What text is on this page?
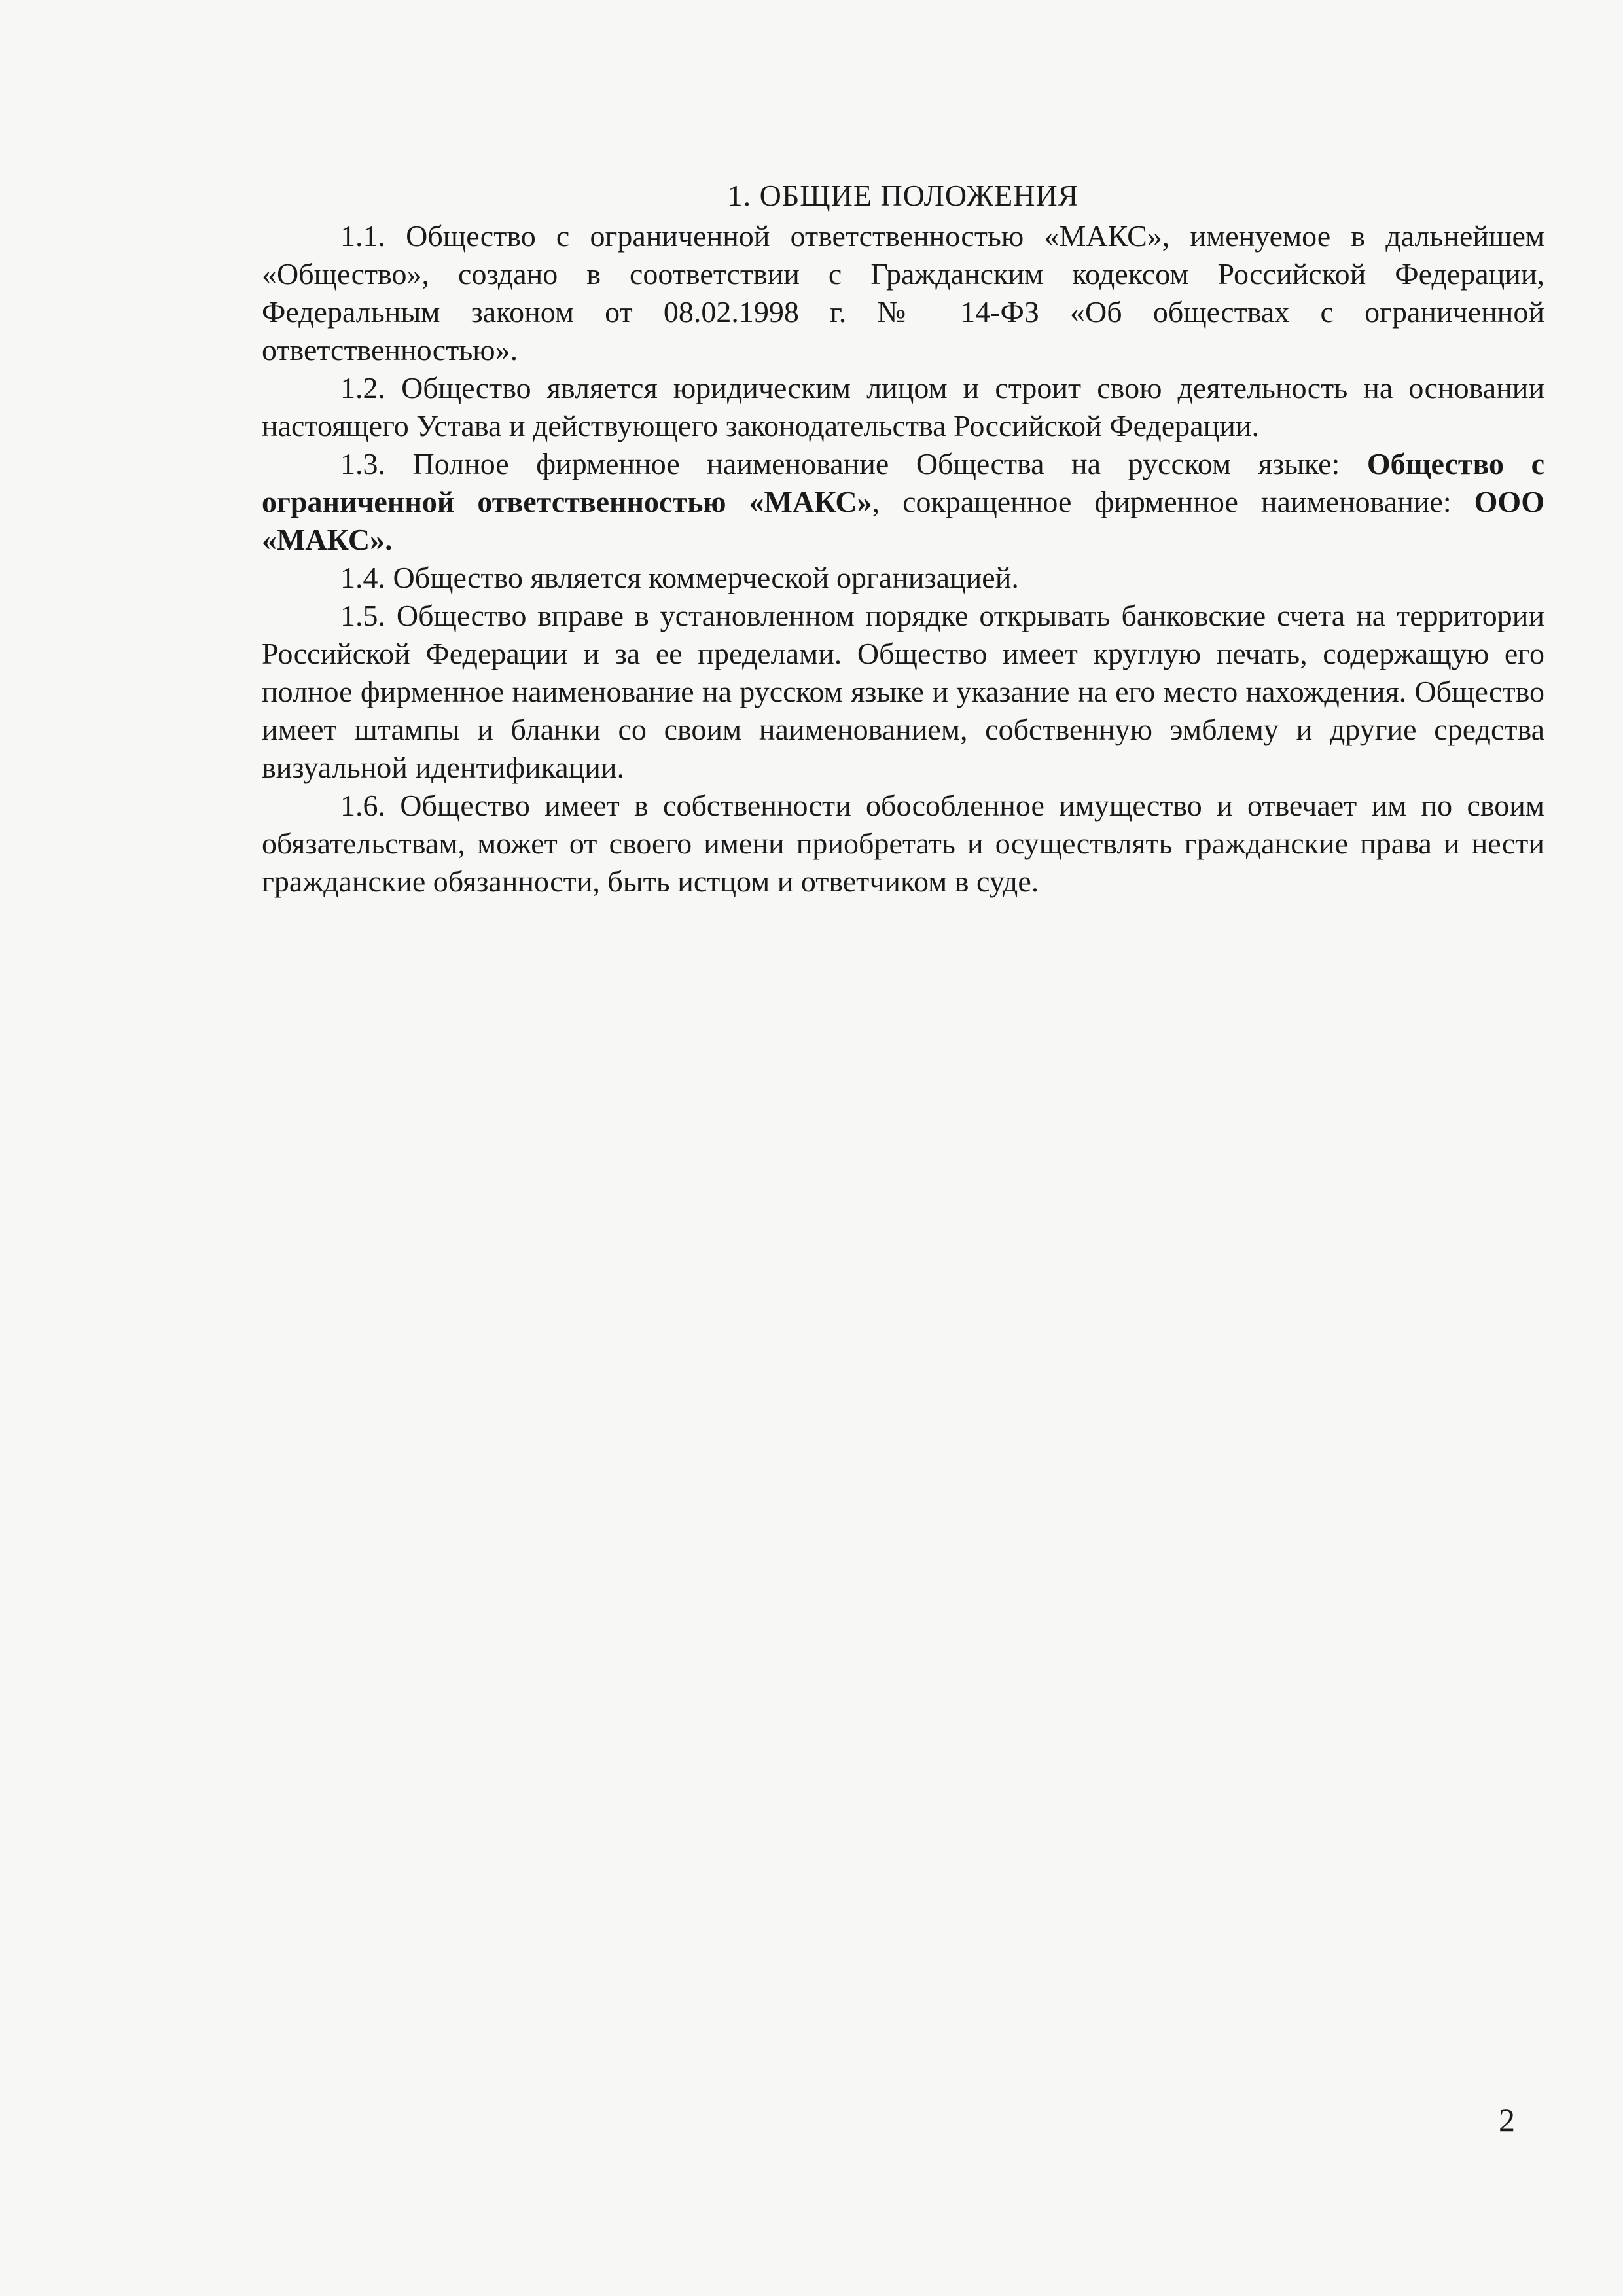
1. ОБЩИЕ ПОЛОЖЕНИЯ

1.1. Общество с ограниченной ответственностью «МАКС», именуемое в дальнейшем «Общество», создано в соответствии с Гражданским кодексом Российской Федерации, Федеральным законом от 08.02.1998 г. № 14-ФЗ «Об обществах с ограниченной ответственностью».

1.2. Общество является юридическим лицом и строит свою деятельность на основании настоящего Устава и действующего законодательства Российской Федерации.

1.3. Полное фирменное наименование Общества на русском языке: Общество с ограниченной ответственностью «МАКС», сокращенное фирменное наименование: ООО «МАКС».

1.4. Общество является коммерческой организацией.

1.5. Общество вправе в установленном порядке открывать банковские счета на территории Российской Федерации и за ее пределами. Общество имеет круглую печать, содержащую его полное фирменное наименование на русском языке и указание на его место нахождения. Общество имеет штампы и бланки со своим наименованием, собственную эмблему и другие средства визуальной идентификации.

1.6. Общество имеет в собственности обособленное имущество и отвечает им по своим обязательствам, может от своего имени приобретать и осуществлять гражданские права и нести гражданские обязанности, быть истцом и ответчиком в суде.

2
